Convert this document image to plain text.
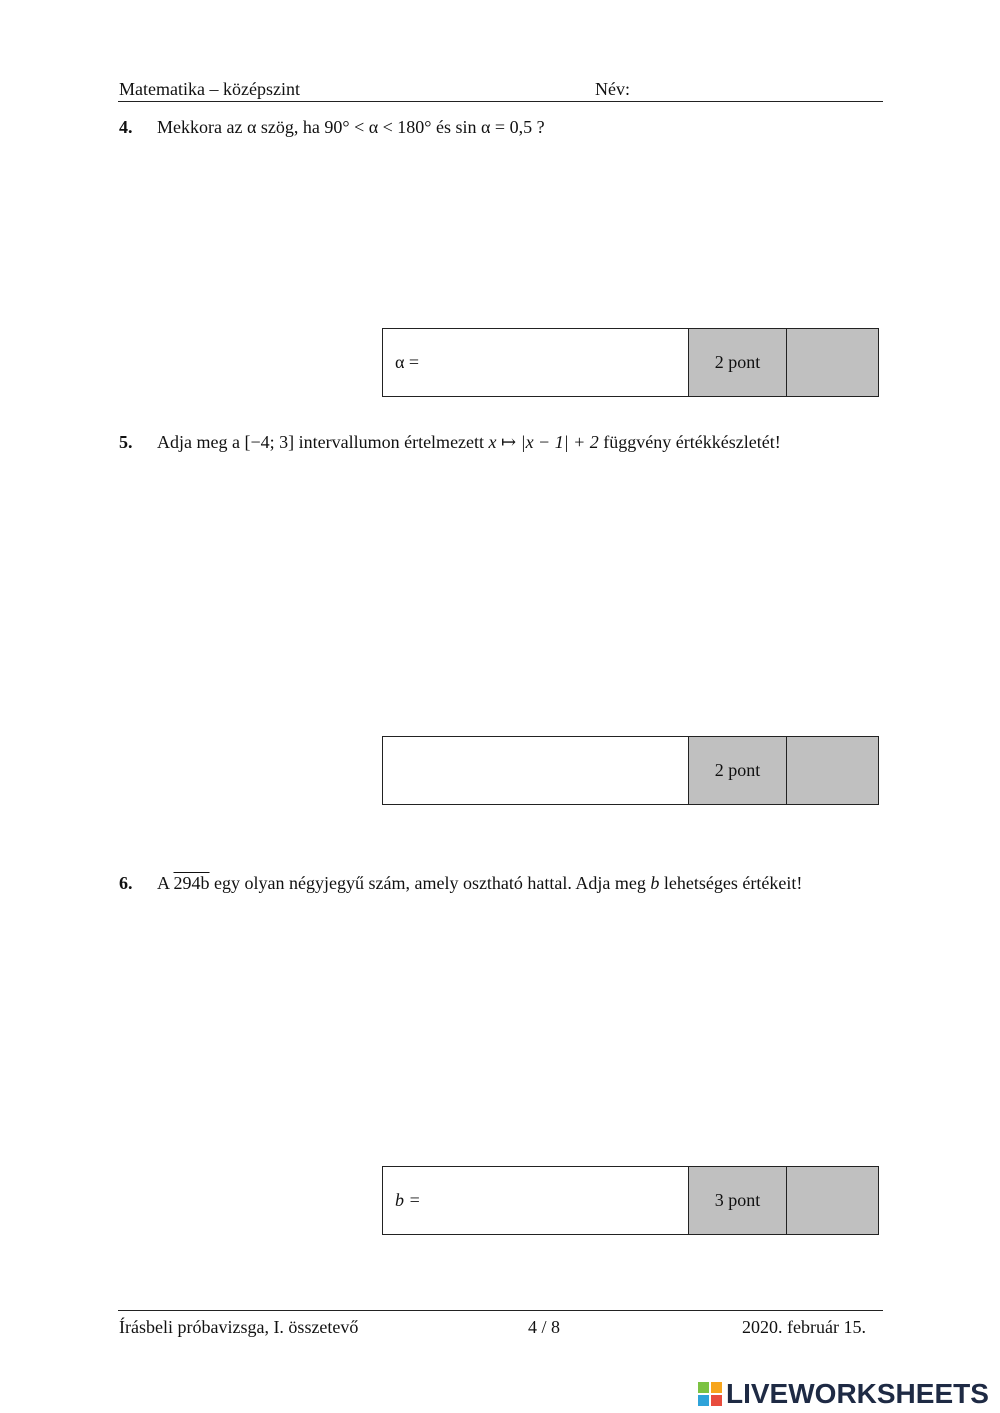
Matematika – középszint	Név:
4. Mekkora az α szög, ha 90° < α < 180° és sin α = 0,5 ?
α =	2 pont
5. Adja meg a [−4; 3] intervallumon értelmezett x ↦ |x − 1| + 2 függvény értékkészletét!
2 pont
6. A 294b egy olyan négyjegyű szám, amely osztható hattal. Adja meg b lehetséges értékeit!
b =	3 pont
Írásbeli próbavizsga, I. összetevő	4 / 8	2020. február 15.
LIVEWORKSHEETS
